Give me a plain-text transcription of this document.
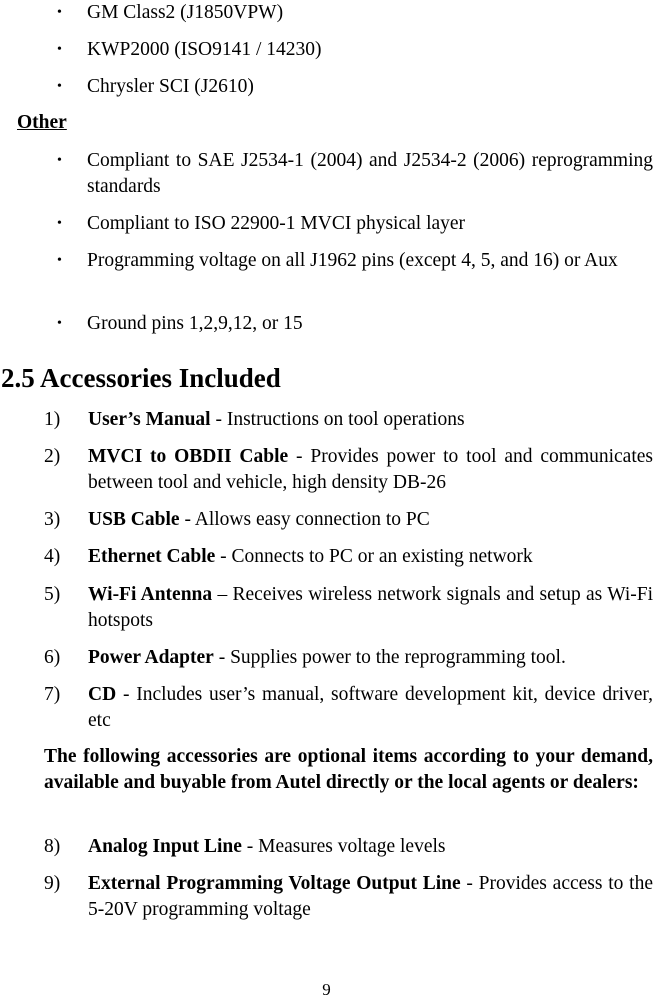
• GM Class2 (J1850VPW)
• KWP2000 (ISO9141 / 14230)
• Chrysler SCI (J2610)
Other
• Compliant to SAE J2534-1 (2004) and J2534-2 (2006) reprogramming standards
• Compliant to ISO 22900-1 MVCI physical layer
• Programming voltage on all J1962 pins (except 4, 5, and 16) or Aux
• Ground pins 1,2,9,12, or 15
2.5 Accessories Included
1) User’s Manual - Instructions on tool operations
2) MVCI to OBDII Cable - Provides power to tool and communicates between tool and vehicle, high density DB-26
3) USB Cable - Allows easy connection to PC
4) Ethernet Cable - Connects to PC or an existing network
5) Wi-Fi Antenna – Receives wireless network signals and setup as Wi-Fi hotspots
6) Power Adapter - Supplies power to the reprogramming tool.
7) CD - Includes user’s manual, software development kit, device driver, etc
The following accessories are optional items according to your demand, available and buyable from Autel directly or the local agents or dealers:
8) Analog Input Line - Measures voltage levels
9) External Programming Voltage Output Line - Provides access to the 5-20V programming voltage
9
